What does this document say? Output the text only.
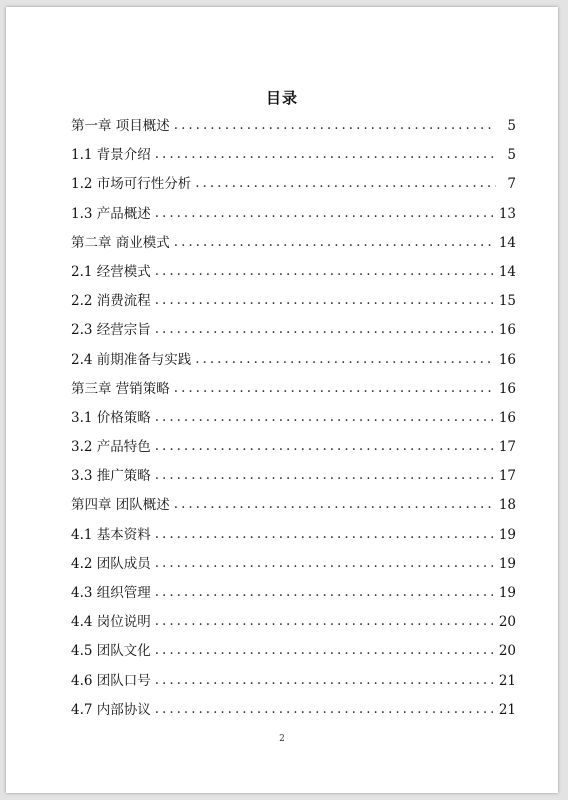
目录
第一章 项目概述 .....	5
1.1 背景介绍 .....	5
1.2 市场可行性分析 .....	7
1.3 产品概述 .....	13
第二章 商业模式 .....	14
2.1 经营模式 .....	14
2.2 消费流程 .....	15
2.3 经营宗旨 .....	16
2.4 前期准备与实践 .....	16
第三章 营销策略 .....	16
3.1 价格策略 .....	16
3.2 产品特色 .....	17
3.3 推广策略 .....	17
第四章 团队概述 .....	18
4.1 基本资料 .....	19
4.2 团队成员 .....	19
4.3 组织管理 .....	19
4.4 岗位说明 .....	20
4.5 团队文化 .....	20
4.6 团队口号 .....	21
4.7 内部协议 .....	21
2
